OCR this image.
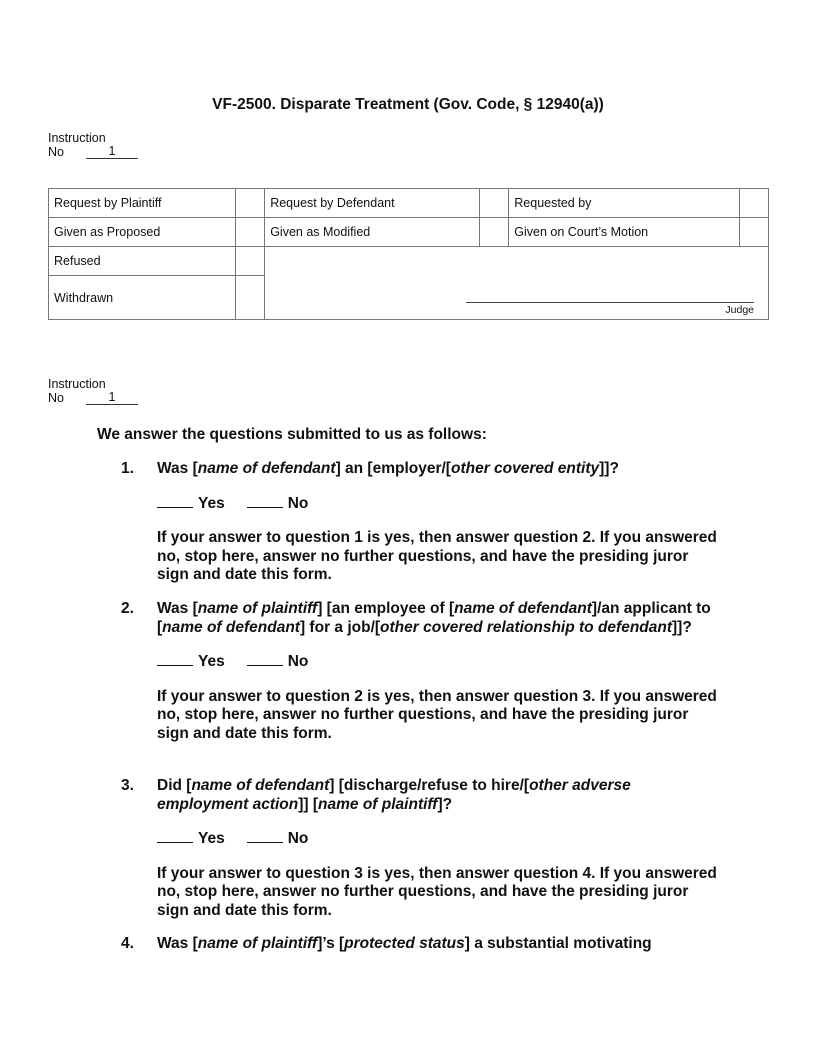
VF-2500. Disparate Treatment (Gov. Code, § 12940(a))
Instruction
No	1
Request by Plaintiff		Request by Defendant		Requested by	
Given as Proposed		Given as Modified		Given on Court’s Motion	
Refused		Judge			

Withdrawn					
Instruction
No	1
We answer the questions submitted to us as follows:
1. Was [name of defendant] an [employer/[other covered entity]]?
Yes	No
If your answer to question 1 is yes, then answer question 2. If you answered no, stop here, answer no further questions, and have the presiding juror sign and date this form.
2. Was [name of plaintiff] [an employee of [name of defendant]/an applicant to [name of defendant] for a job/[other covered relationship to defendant]]?
Yes	No
If your answer to question 2 is yes, then answer question 3. If you answered no, stop here, answer no further questions, and have the presiding juror sign and date this form.
3. Did [name of defendant] [discharge/refuse to hire/[other adverse employment action]] [name of plaintiff]?
Yes	No
If your answer to question 3 is yes, then answer question 4. If you answered no, stop here, answer no further questions, and have the presiding juror sign and date this form.
4. Was [name of plaintiff]’s [protected status] a substantial motivating
